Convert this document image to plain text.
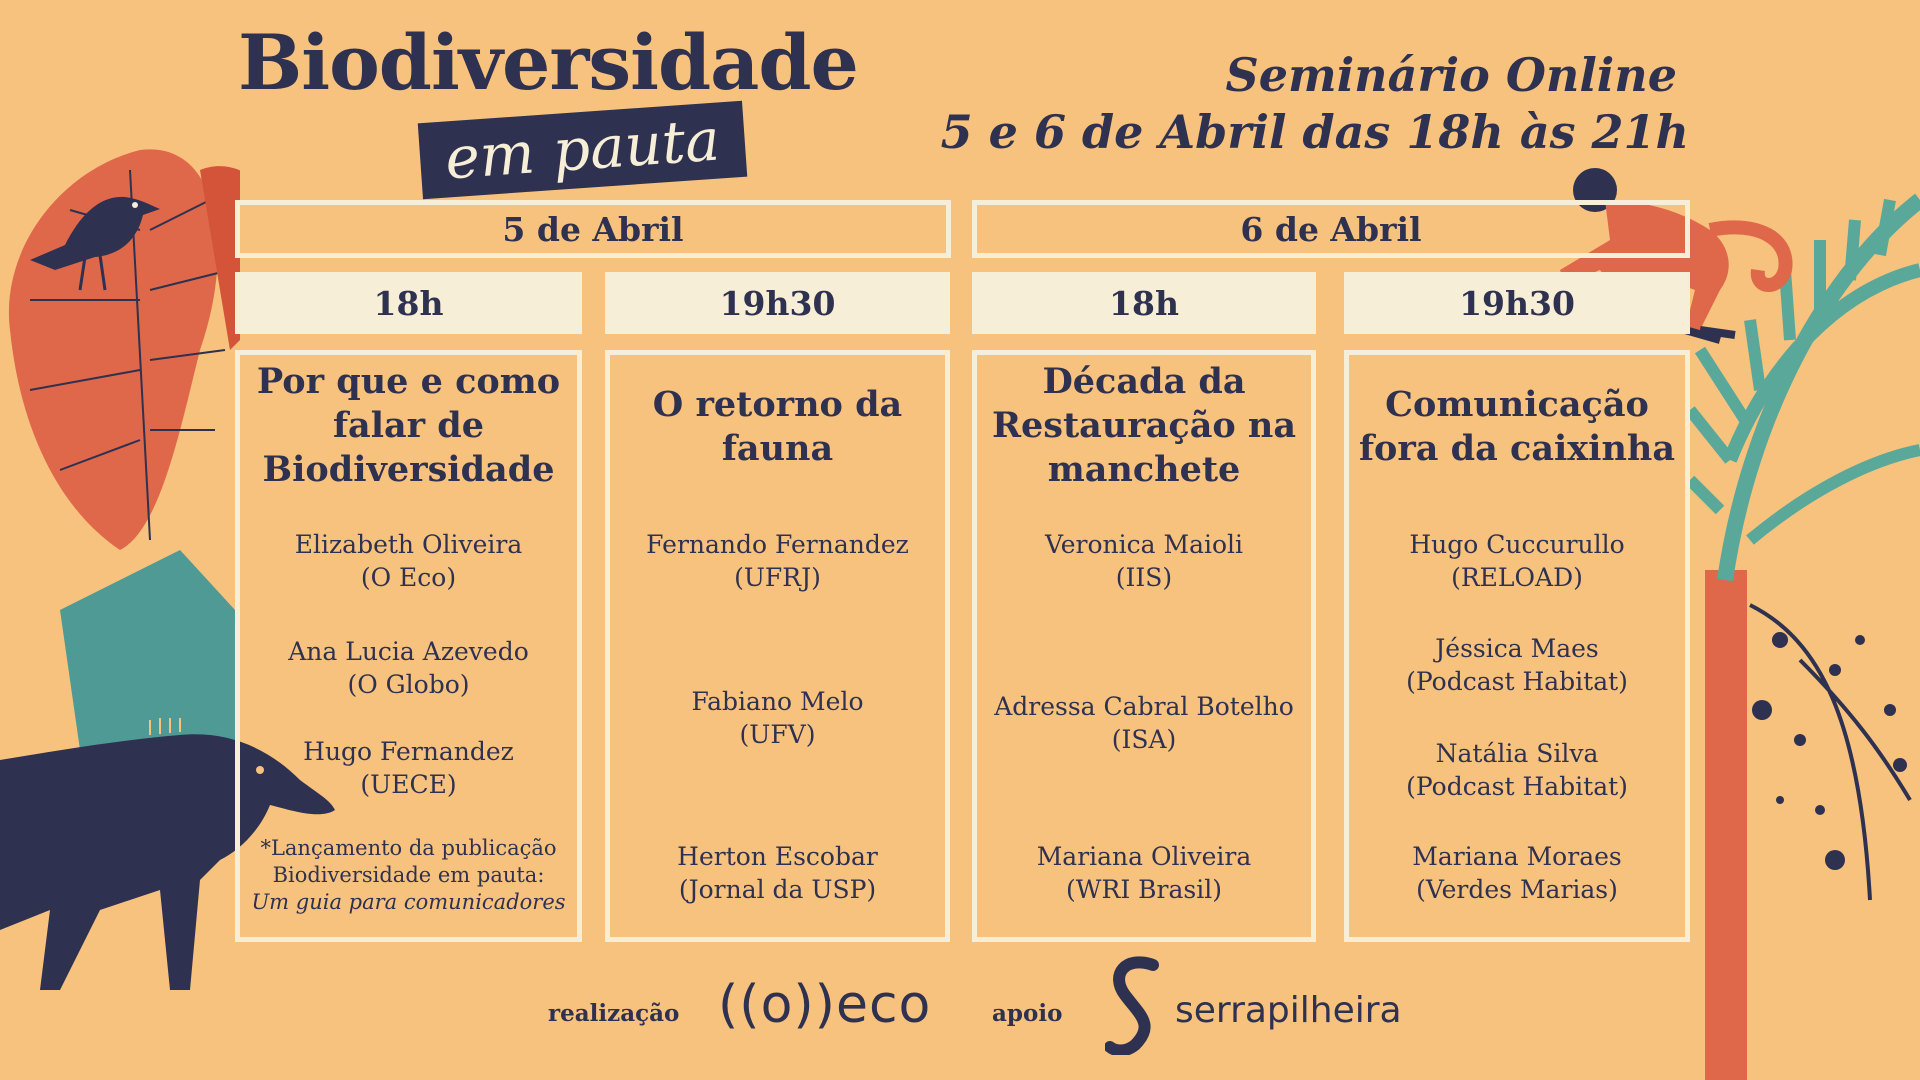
Biodiversidade
em pauta
Seminário Online
5 e 6 de Abril das 18h às 21h
5 de Abril	6 de Abril
18h	19h30	18h	19h30
Por que e como
falar de
Biodiversidade
Elizabeth Oliveira
(O Eco)
Ana Lucia Azevedo
(O Globo)
Hugo Fernandez
(UECE)
*Lançamento da publicação
Biodiversidade em pauta:
Um guia para comunicadores
O retorno da
fauna
Fernando Fernandez
(UFRJ)
Fabiano Melo
(UFV)
Herton Escobar
(Jornal da USP)
Década da
Restauração na
manchete
Veronica Maioli
(IIS)
Adressa Cabral Botelho
(ISA)
Mariana Oliveira
(WRI Brasil)
Comunicação
fora da caixinha
Hugo Cuccurullo
(RELOAD)
Jéssica Maes
(Podcast Habitat)
Natália Silva
(Podcast Habitat)
Mariana Moraes
(Verdes Marias)
realização ((o))eco	apoio	serrapilheira
